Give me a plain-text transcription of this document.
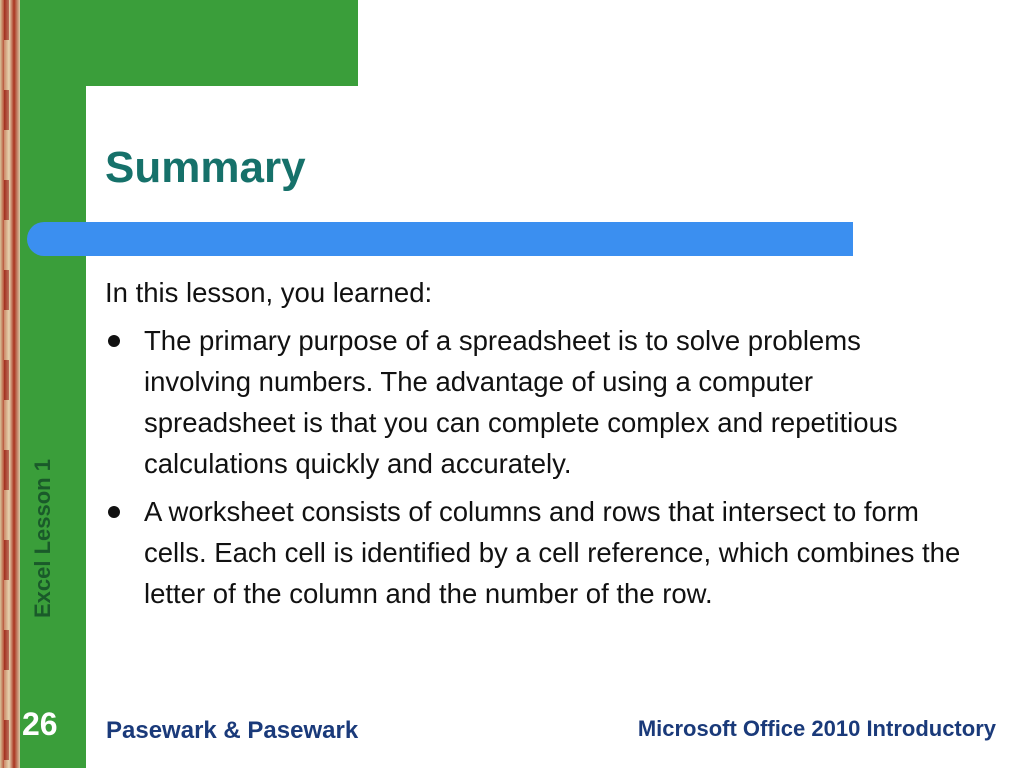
Excel Lesson 1
Summary

In this lesson, you learned:

The primary purpose of a spreadsheet is to solve problems involving numbers. The advantage of using a computer spreadsheet is that you can complete complex and repetitious calculations quickly and accurately.
A worksheet consists of columns and rows that intersect to form cells. Each cell is identified by a cell reference, which combines the letter of the column and the number of the row.
26 Pasewark & Pasewark	Microsoft Office 2010 Introductory
